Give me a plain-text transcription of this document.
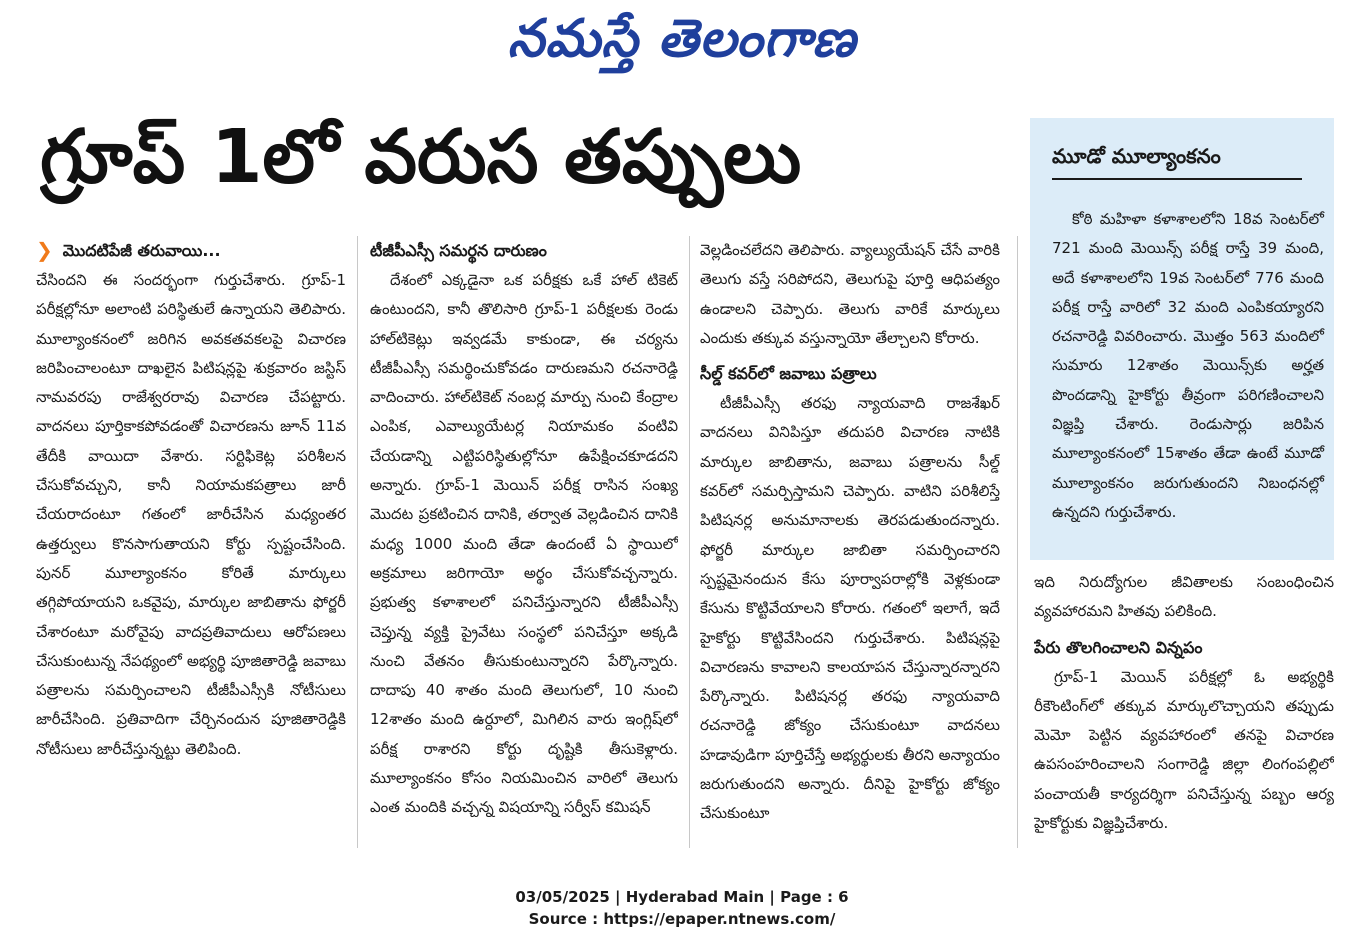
నమస్తే తెలంగాణ
గ్రూప్ 1లో వరుస తప్పులు
❯ మొదటిపేజీ తరువాయి...

చేసిందని ఈ సందర్భంగా గుర్తుచేశారు. గ్రూప్-1 పరీక్షల్లోనూ అలాంటి పరిస్థితులే ఉన్నాయని తెలిపారు. మూల్యాంకనంలో జరిగిన అవకతవకలపై విచారణ జరిపించాలంటూ దాఖలైన పిటిషన్లపై శుక్రవారం జస్టిస్ నామవరపు రాజేశ్వరరావు విచారణ చేపట్టారు. వాదనలు పూర్తికాకపోవడంతో విచారణను జూన్ 11వ తేదీకి వాయిదా వేశారు. సర్టిఫికెట్ల పరిశీలన చేసుకోవచ్చుని, కానీ నియామకపత్రాలు జారీ చేయరాదంటూ గతంలో జారీచేసిన మధ్యంతర ఉత్తర్వులు కొనసాగుతాయని కోర్టు స్పష్టంచేసింది. పునర్ మూల్యాంకనం కోరితే మార్కులు తగ్గిపోయాయని ఒకవైపు, మార్కుల జాబితాను ఫోర్జరీ చేశారంటూ మరోవైపు వాదప్రతివాదులు ఆరోపణలు చేసుకుంటున్న నేపథ్యంలో అభ్యర్థి పూజితారెడ్డి జవాబు పత్రాలను సమర్పించాలని టీజీపీఎస్సీకి నోటీసులు జారీచేసింది. ప్రతివాదిగా చేర్చినందున పూజితారెడ్డికి నోటీసులు జారీచేస్తున్నట్టు తెలిపింది.

టీజీపీఎస్సీ సమర్థన దారుణం

దేశంలో ఎక్కడైనా ఒక పరీక్షకు ఒకే హాల్ టికెట్ ఉంటుందని, కానీ తొలిసారి గ్రూప్-1 పరీక్షలకు రెండు హాల్‌టికెట్లు ఇవ్వడమే కాకుండా, ఈ చర్యను టీజీపీఎస్సీ సమర్థించుకోవడం దారుణమని రచనారెడ్డి వాదించారు. హాల్‌టికెట్ నంబర్ల మార్పు నుంచి కేంద్రాల ఎంపిక, ఎవాల్యుయేటర్ల నియామకం వంటివి చేయడాన్ని ఎట్టిపరిస్థితుల్లోనూ ఉపేక్షించకూడదని అన్నారు. గ్రూప్-1 మెయిన్ పరీక్ష రాసిన సంఖ్య మొదట ప్రకటించిన దానికి, తర్వాత వెల్లడించిన దానికి మధ్య 1000 మంది తేడా ఉందంటే ఏ స్థాయిలో అక్రమాలు జరిగాయో అర్థం చేసుకోవచ్చన్నారు. ప్రభుత్వ కళాశాలలో పనిచేస్తున్నారని టీజీపీఎస్సీ చెప్తున్న వ్యక్తి ప్రైవేటు సంస్థలో పనిచేస్తూ అక్కడి నుంచి వేతనం తీసుకుంటున్నారని పేర్కొన్నారు. దాదాపు 40 శాతం మంది తెలుగులో, 10 నుంచి 12శాతం మంది ఉర్దూలో, మిగిలిన వారు ఇంగ్లిష్‌లో పరీక్ష రాశారని కోర్టు దృష్టికి తీసుకెళ్లారు. మూల్యాంకనం కోసం నియమించిన వారిలో తెలుగు ఎంత మందికి వచ్చన్న విషయాన్ని సర్వీస్ కమిషన్

వెల్లడించలేదని తెలిపారు. వ్యాల్యుయేషన్ చేసే వారికి తెలుగు వస్తే సరిపోదని, తెలుగుపై పూర్తి ఆధిపత్యం ఉండాలని చెప్పారు. తెలుగు వారికే మార్కులు ఎందుకు తక్కువ వస్తున్నాయో తేల్చాలని కోరారు.

సీల్డ్ కవర్‌లో జవాబు పత్రాలు

టీజీపీఎస్సీ తరఫు న్యాయవాది రాజశేఖర్ వాదనలు వినిపిస్తూ తదుపరి విచారణ నాటికి మార్కుల జాబితాను, జవాబు పత్రాలను సీల్డ్ కవర్‌లో సమర్పిస్తామని చెప్పారు. వాటిని పరిశీలిస్తే పిటిషనర్ల అనుమానాలకు తెరపడుతుందన్నారు. ఫోర్జరీ మార్కుల జాబితా సమర్పించారని స్పష్టమైనందున కేసు పూర్వాపరాల్లోకి వెళ్లకుండా కేసును కొట్టివేయాలని కోరారు. గతంలో ఇలాగే, ఇదే హైకోర్టు కొట్టివేసిందని గుర్తుచేశారు. పిటిషన్లపై విచారణను కావాలని కాలయాపన చేస్తున్నారన్నారని పేర్కొన్నారు. పిటిషనర్ల తరఫు న్యాయవాది రచనారెడ్డి జోక్యం చేసుకుంటూ వాదనలు హడావుడిగా పూర్తిచేస్తే అభ్యర్థులకు తీరని అన్యాయం జరుగుతుందని అన్నారు. దీనిపై హైకోర్టు జోక్యం చేసుకుంటూ

మూడో మూల్యాంకనం

కోఠి మహిళా కళాశాలలోని 18వ సెంటర్‌లో 721 మంది మెయిన్స్ పరీక్ష రాస్తే 39 మంది, అదే కళాశాలలోని 19వ సెంటర్‌లో 776 మంది పరీక్ష రాస్తే వారిలో 32 మంది ఎంపికయ్యారని రచనారెడ్డి వివరించారు. మొత్తం 563 మందిలో సుమారు 12శాతం మెయిన్స్‌కు అర్హత పొందడాన్ని హైకోర్టు తీవ్రంగా పరిగణించాలని విజ్ఞప్తి చేశారు. రెండుసార్లు జరిపిన మూల్యాంకనంలో 15శాతం తేడా ఉంటే మూడో మూల్యాంకనం జరుగుతుందని నిబంధనల్లో ఉన్నదని గుర్తుచేశారు.

ఇది నిరుద్యోగుల జీవితాలకు సంబంధించిన వ్యవహారమని హితవు పలికింది.

పేరు తొలగించాలని విన్నపం

గ్రూప్-1 మెయిన్ పరీక్షల్లో ఓ అభ్యర్థికి రీకౌంటింగ్‌లో తక్కువ మార్కులొచ్చాయని తప్పుడు మెమో పెట్టిన వ్యవహారంలో తనపై విచారణ ఉపసంహరించాలని సంగారెడ్డి జిల్లా లింగంపల్లిలో పంచాయతీ కార్యదర్శిగా పనిచేస్తున్న పబ్బం ఆర్య హైకోర్టుకు విజ్ఞప్తిచేశారు.

03/05/2025 | Hyderabad Main | Page : 6
Source : https://epaper.ntnews.com/
